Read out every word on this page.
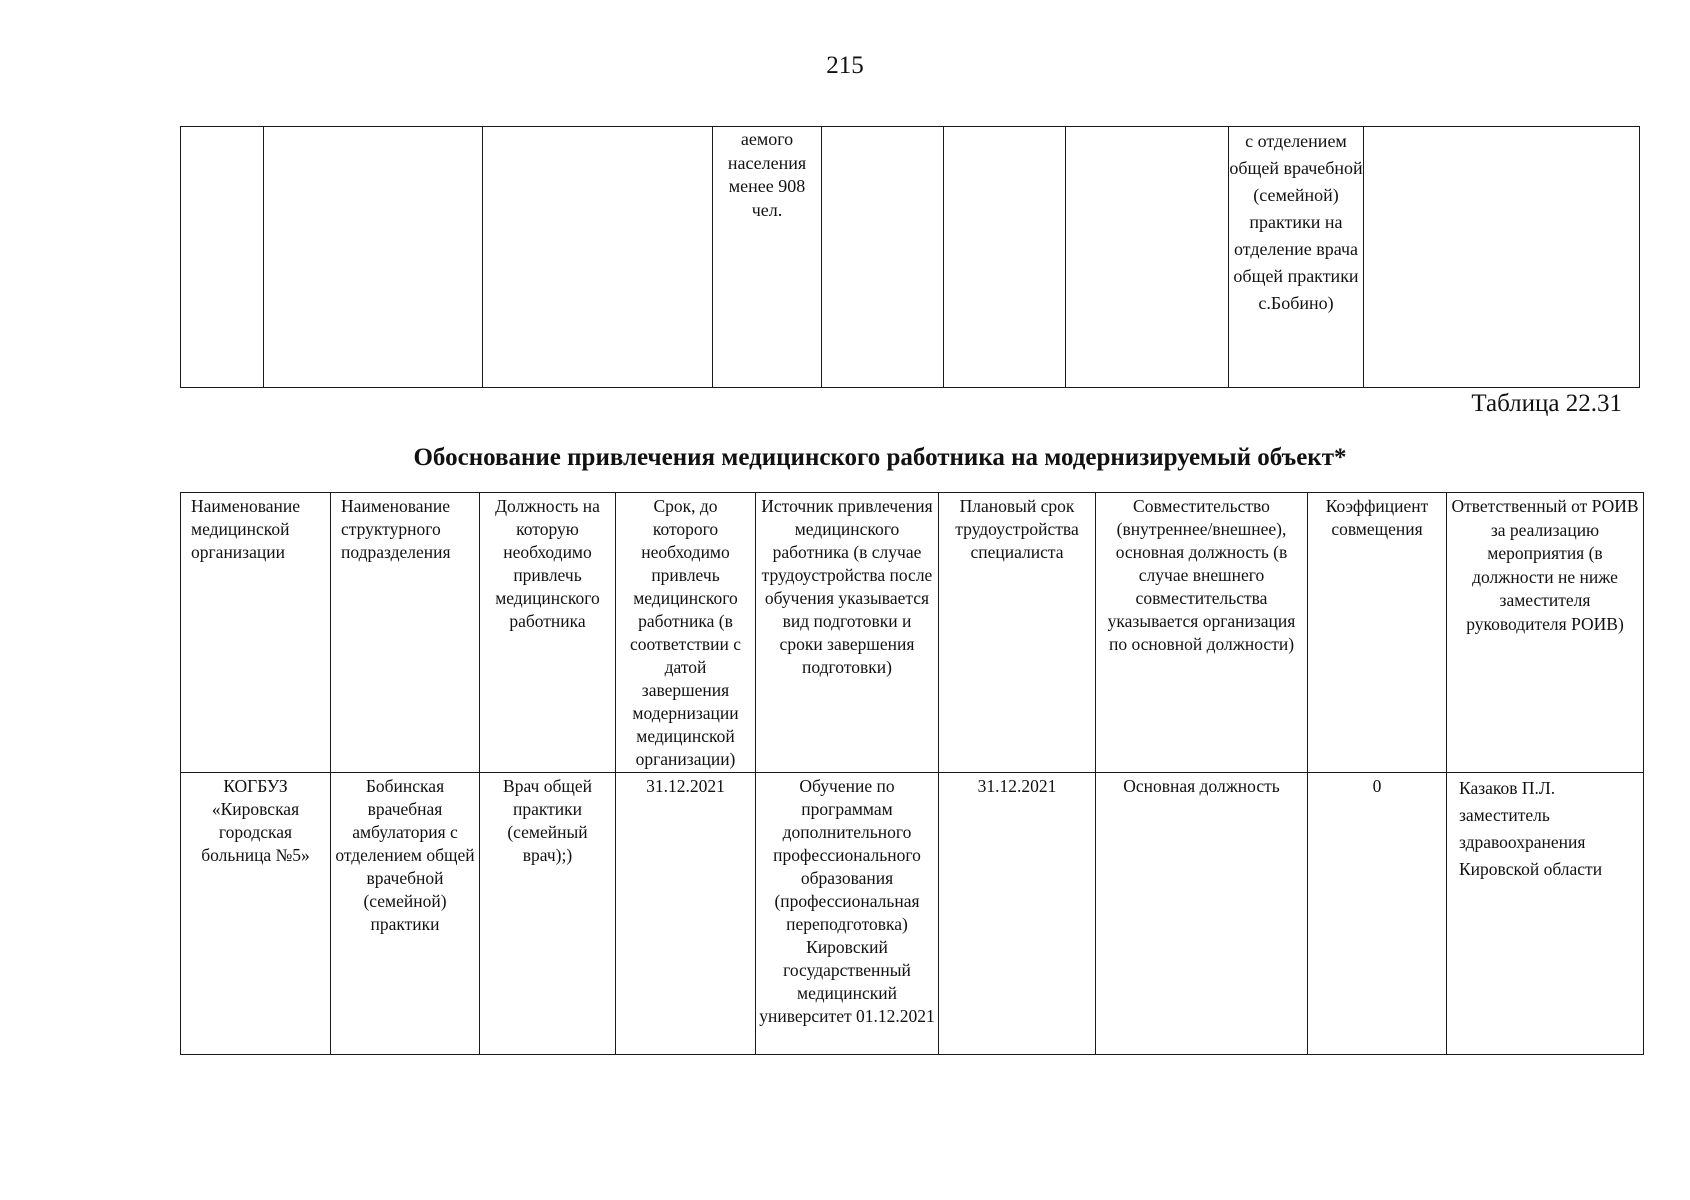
215
			аемого населения менее 908 чел.				с отделением общей врачебной (семейной) практики на отделение врача общей практики с.Бобино)	
Таблица 22.31
Обоснование привлечения медицинского работника на модернизируемый объект*
Наименование медицинской организации	Наименование структурного подразделения	Должность на которую необходимо привлечь медицинского работника	Срок, до которого необходимо привлечь медицинского работника (в соответствии с датой завершения модернизации медицинской организации)	Источник привлечения медицинского работника (в случае трудоустройства после обучения указывается вид подготовки и сроки завершения подготовки)	Плановый срок трудоустройства специалиста	Совместительство (внутреннее/внешнее), основная должность (в случае внешнего совместительства указывается организация по основной должности)	Коэффициент совмещения	Ответственный от РОИВ за реализацию мероприятия (в должности не ниже заместителя руководителя РОИВ)
КОГБУЗ «Кировская городская больница №5»	Бобинская врачебная амбулатория с отделением общей врачебной (семейной) практики	Врач общей практики (семейный врач);)	31.12.2021	Обучение по программам дополнительного профессионального образования (профессиональная переподготовка) Кировский государственный медицинский университет 01.12.2021	31.12.2021	Основная должность	0	Казаков П.Л. заместитель здравоохранения Кировской области
